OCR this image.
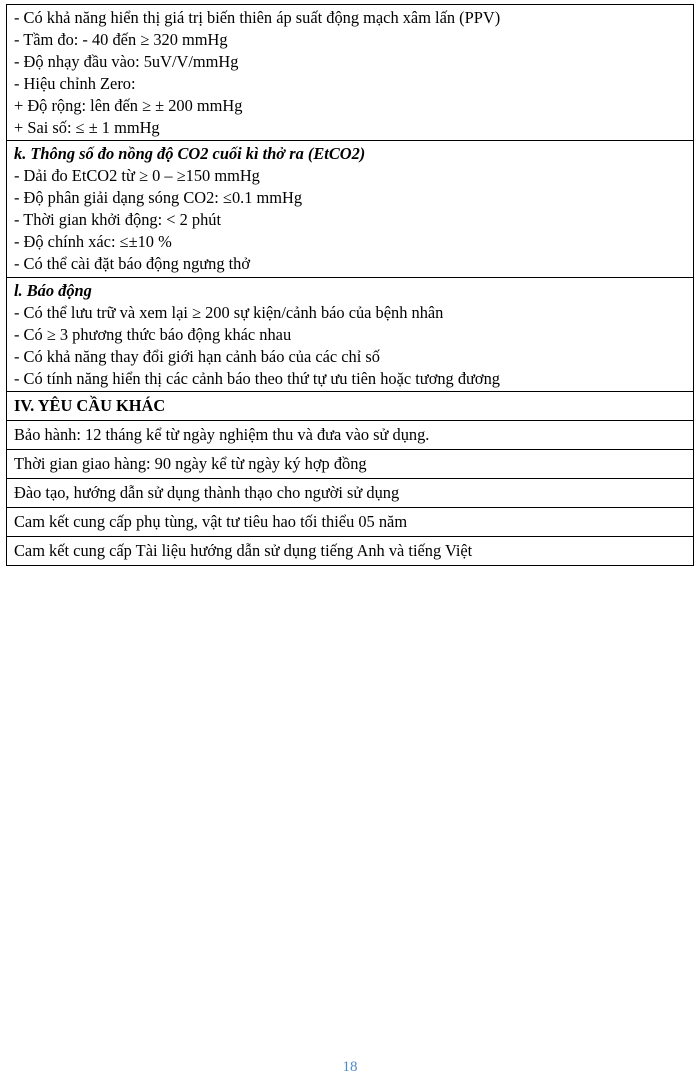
- Có khả năng hiển thị giá trị biến thiên áp suất động mạch xâm lấn (PPV)
- Tầm đo: - 40 đến ≥ 320 mmHg
- Độ nhạy đầu vào: 5uV/V/mmHg
- Hiệu chỉnh Zero:
+ Độ rộng: lên đến ≥ ± 200 mmHg
+ Sai số: ≤ ± 1 mmHg

k. Thông số đo nồng độ CO2 cuối kì thở ra (EtCO2)
- Dải đo EtCO2 từ ≥ 0 – ≥150 mmHg
- Độ phân giải dạng sóng CO2: ≤0.1 mmHg
- Thời gian khởi động: < 2 phút
- Độ chính xác: ≤±10 %
- Có thể cài đặt báo động ngưng thở

l. Báo động
- Có thể lưu trữ và xem lại ≥ 200 sự kiện/cảnh báo của bệnh nhân
- Có ≥ 3 phương thức báo động khác nhau
- Có khả năng thay đổi giới hạn cảnh báo của các chỉ số
- Có tính năng hiển thị các cảnh báo theo thứ tự ưu tiên hoặc tương đương

IV. YÊU CẦU KHÁC
Bảo hành: 12 tháng kể từ ngày nghiệm thu và đưa vào sử dụng.
Thời gian giao hàng: 90 ngày kể từ ngày ký hợp đồng
Đào tạo, hướng dẫn sử dụng thành thạo cho người sử dụng
Cam kết cung cấp phụ tùng, vật tư tiêu hao tối thiểu 05 năm
Cam kết cung cấp Tài liệu hướng dẫn sử dụng tiếng Anh và tiếng Việt
18
